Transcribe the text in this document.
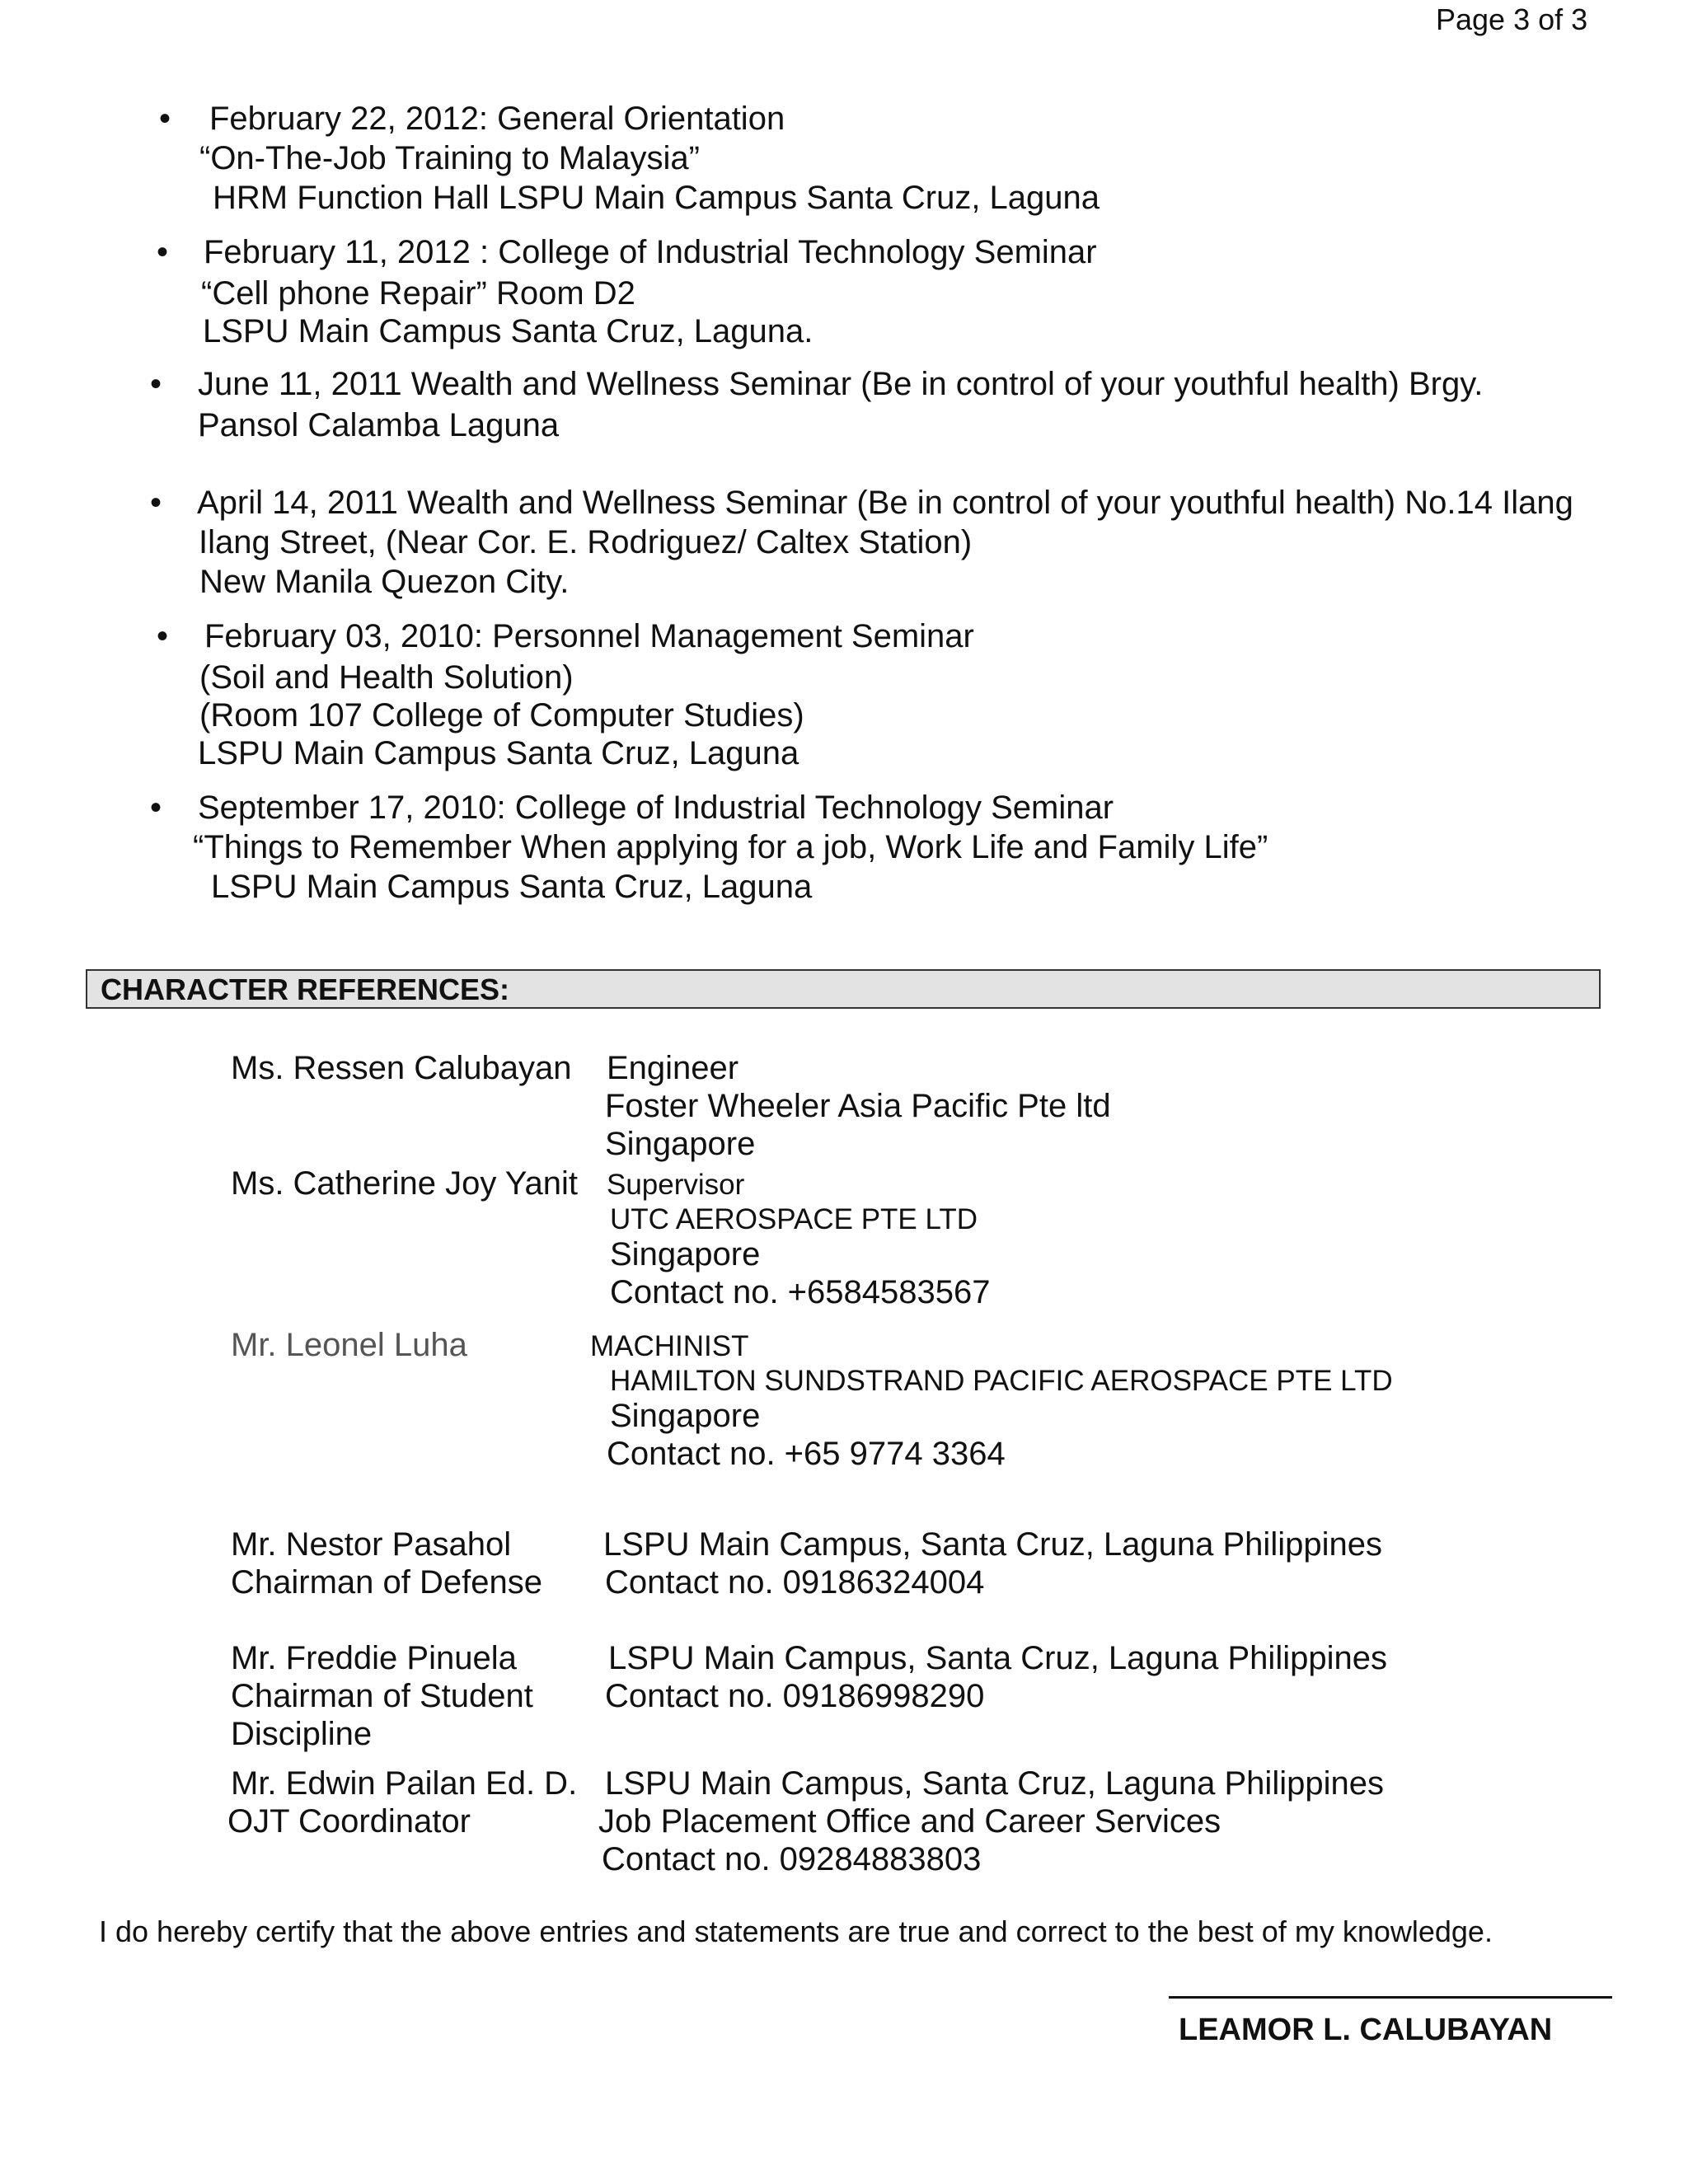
Page 3 of 3
• February 22, 2012: General Orientation
“On-The-Job Training to Malaysia”
HRM Function Hall LSPU Main Campus Santa Cruz, Laguna
• February 11, 2012 : College of Industrial Technology Seminar
“Cell phone Repair” Room D2
LSPU Main Campus Santa Cruz, Laguna.
• June 11, 2011 Wealth and Wellness Seminar (Be in control of your youthful health) Brgy.
Pansol Calamba Laguna
• April 14, 2011 Wealth and Wellness Seminar (Be in control of your youthful health) No.14 Ilang
Ilang Street, (Near Cor. E. Rodriguez/ Caltex Station)
New Manila Quezon City.
• February 03, 2010: Personnel Management Seminar
(Soil and Health Solution)
(Room 107 College of Computer Studies)
LSPU Main Campus Santa Cruz, Laguna
• September 17, 2010: College of Industrial Technology Seminar
“Things to Remember When applying for a job, Work Life and Family Life”
LSPU Main Campus Santa Cruz, Laguna
CHARACTER REFERENCES:
Ms. Ressen Calubayan Engineer
Foster Wheeler Asia Pacific Pte ltd
Singapore
Ms. Catherine Joy Yanit Supervisor
UTC AEROSPACE PTE LTD
Singapore
Contact no. +6584583567
Mr. Leonel Luha	MACHINIST
HAMILTON SUNDSTRAND PACIFIC AEROSPACE PTE LTD
Singapore
Contact no. +65 9774 3364
Mr. Nestor Pasahol
Chairman of Defense
LSPU Main Campus, Santa Cruz, Laguna Philippines
Contact no. 09186324004
Mr. Freddie Pinuela
Chairman of Student
Discipline
LSPU Main Campus, Santa Cruz, Laguna Philippines
Contact no. 09186998290
Mr. Edwin Pailan Ed. D.
OJT Coordinator
LSPU Main Campus, Santa Cruz, Laguna Philippines
Job Placement Office and Career Services
Contact no. 09284883803
I do hereby certify that the above entries and statements are true and correct to the best of my knowledge.
LEAMOR L. CALUBAYAN
